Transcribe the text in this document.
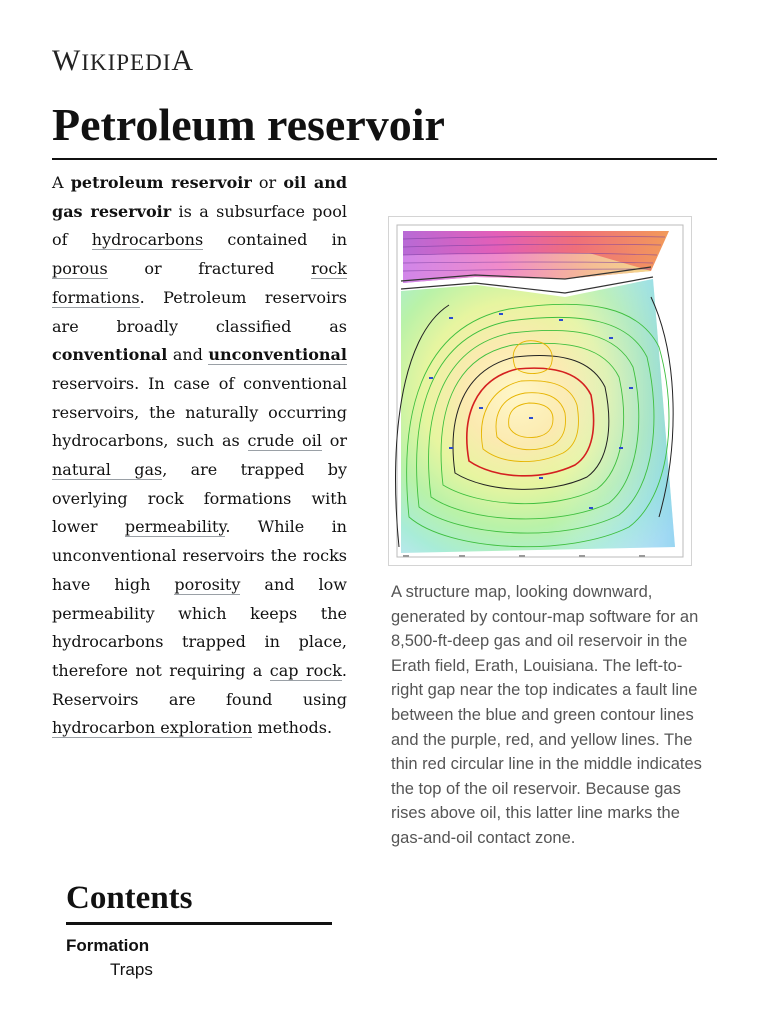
WIKIPEDIA
Petroleum reservoir
A petroleum reservoir or oil and gas reservoir is a subsurface pool of hydrocarbons contained in porous or fractured rock formations. Petroleum reservoirs are broadly classified as conventional and unconventional reservoirs. In case of conventional reservoirs, the naturally occurring hydrocarbons, such as crude oil or natural gas, are trapped by overlying rock formations with lower permeability. While in unconventional reservoirs the rocks have high porosity and low permeability which keeps the hydrocarbons trapped in place, therefore not requiring a cap rock. Reservoirs are found using hydrocarbon exploration methods.
A structure map, looking downward, generated by contour-map software for an 8,500-ft-deep gas and oil reservoir in the Erath field, Erath, Louisiana. The left-to-right gap near the top indicates a fault line between the blue and green contour lines and the purple, red, and yellow lines. The thin red circular line in the middle indicates the top of the oil reservoir. Because gas rises above oil, this latter line marks the gas-and-oil contact zone.
Contents
Formation
Traps
